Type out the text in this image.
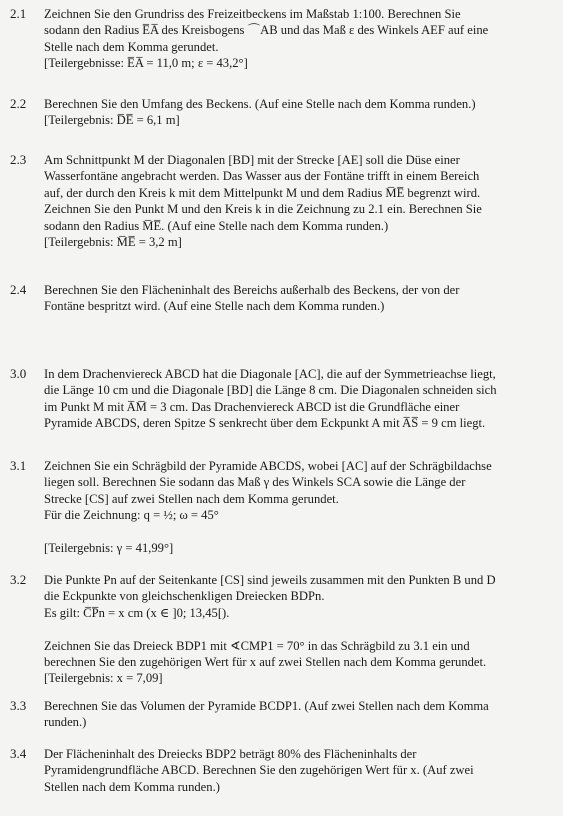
2.1 Zeichnen Sie den Grundriss des Freizeitbeckens im Maßstab 1:100. Berechnen Sie
sodann den Radius E̅A̅ des Kreisbogens ⌒AB und das Maß ε des Winkels AEF auf eine
Stelle nach dem Komma gerundet.
[Teilergebnisse: E̅A̅ = 11,0 m; ε = 43,2°]
2.2 Berechnen Sie den Umfang des Beckens. (Auf eine Stelle nach dem Komma runden.)
[Teilergebnis: D̅E̅ = 6,1 m]
2.3 Am Schnittpunkt M der Diagonalen [BD] mit der Strecke [AE] soll die Düse einer
Wasserfontäne angebracht werden. Das Wasser aus der Fontäne trifft in einem Bereich
auf, der durch den Kreis k mit dem Mittelpunkt M und dem Radius M̅E̅ begrenzt wird.
Zeichnen Sie den Punkt M und den Kreis k in die Zeichnung zu 2.1 ein. Berechnen Sie
sodann den Radius M̅E̅. (Auf eine Stelle nach dem Komma runden.)
[Teilergebnis: M̅E̅ = 3,2 m]
2.4 Berechnen Sie den Flächeninhalt des Bereichs außerhalb des Beckens, der von der
Fontäne bespritzt wird. (Auf eine Stelle nach dem Komma runden.)
3.0 In dem Drachenviereck ABCD hat die Diagonale [AC], die auf der Symmetrieachse liegt,
die Länge 10 cm und die Diagonale [BD] die Länge 8 cm. Die Diagonalen schneiden sich
im Punkt M mit A̅M̅ = 3 cm. Das Drachenviereck ABCD ist die Grundfläche einer
Pyramide ABCDS, deren Spitze S senkrecht über dem Eckpunkt A mit A̅S̅ = 9 cm liegt.
3.1 Zeichnen Sie ein Schrägbild der Pyramide ABCDS, wobei [AC] auf der Schrägbildachse
liegen soll. Berechnen Sie sodann das Maß γ des Winkels SCA sowie die Länge der
Strecke [CS] auf zwei Stellen nach dem Komma gerundet.
Für die Zeichnung: q = ½; ω = 45°

[Teilergebnis: γ = 41,99°]
3.2 Die Punkte Pn auf der Seitenkante [CS] sind jeweils zusammen mit den Punkten B und D
die Eckpunkte von gleichschenkligen Dreiecken BDPn.
Es gilt: C̅P̅n = x cm (x ∈ ]0; 13,45[).

Zeichnen Sie das Dreieck BDP1 mit ∢CMP1 = 70° in das Schrägbild zu 3.1 ein und
berechnen Sie den zugehörigen Wert für x auf zwei Stellen nach dem Komma gerundet.
[Teilergebnis: x = 7,09]
3.3 Berechnen Sie das Volumen der Pyramide BCDP1. (Auf zwei Stellen nach dem Komma
runden.)
3.4 Der Flächeninhalt des Dreiecks BDP2 beträgt 80% des Flächeninhalts der
Pyramidengrundfläche ABCD. Berechnen Sie den zugehörigen Wert für x. (Auf zwei
Stellen nach dem Komma runden.)
